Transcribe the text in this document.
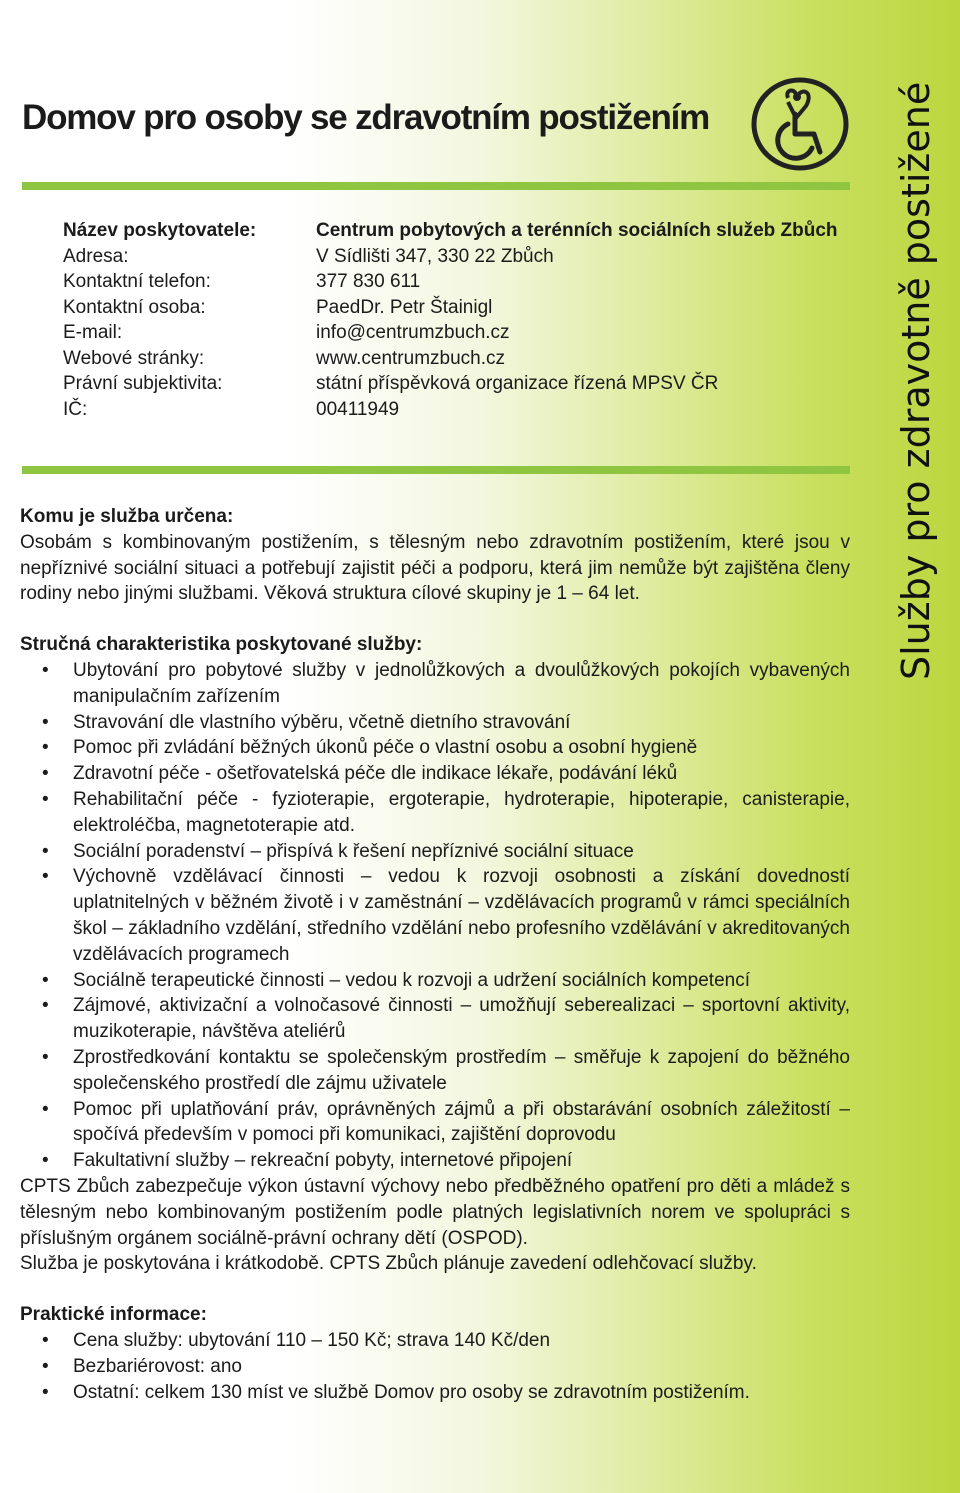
Služby pro zdravotně postižené
Domov pro osoby se zdravotním postižením
Název poskytovatele:	Centrum pobytových a terénních sociálních služeb Zbůch
Adresa:	V Sídlišti 347, 330 22 Zbůch
Kontaktní telefon:	377 830 611
Kontaktní osoba:	PaedDr. Petr Štainigl
E-mail:	info@centrumzbuch.cz
Webové stránky:	www.centrumzbuch.cz
Právní subjektivita:	státní příspěvková organizace řízená MPSV ČR
IČ:	00411949

Komu je služba určena:

Osobám s kombinovaným postižením, s tělesným nebo zdravotním postižením, které jsou v nepříznivé sociální situaci a potřebují zajistit péči a podporu, která jim nemůže být zajištěna členy rodiny nebo jinými službami. Věková struktura cílové skupiny je 1 – 64 let.

Stručná charakteristika poskytované služby:

• Ubytování pro pobytové služby v jednolůžkových a dvoulůžkových pokojích vybavených manipulačním zařízením
• Stravování dle vlastního výběru, včetně dietního stravování
• Pomoc při zvládání běžných úkonů péče o vlastní osobu a osobní hygieně
• Zdravotní péče - ošetřovatelská péče dle indikace lékaře, podávání léků
• Rehabilitační péče - fyzioterapie, ergoterapie, hydroterapie, hipoterapie, canisterapie, elektroléčba, magnetoterapie atd.
• Sociální poradenství – přispívá k řešení nepříznivé sociální situace
• Výchovně vzdělávací činnosti – vedou k rozvoji osobnosti a získání dovedností uplatnitelných v běžném životě i v zaměstnání – vzdělávacích programů v rámci speciálních škol – základního vzdělání, středního vzdělání nebo profesního vzdělávání v akreditovaných vzdělávacích programech
• Sociálně terapeutické činnosti – vedou k rozvoji a udržení sociálních kompetencí
• Zájmové, aktivizační a volnočasové činnosti – umožňují seberealizaci – sportovní aktivity, muzikoterapie, návštěva ateliérů
• Zprostředkování kontaktu se společenským prostředím – směřuje k zapojení do běžného společenského prostředí dle zájmu uživatele
• Pomoc při uplatňování práv, oprávněných zájmů a při obstarávání osobních záležitostí – spočívá především v pomoci při komunikaci, zajištění doprovodu
• Fakultativní služby – rekreační pobyty, internetové připojení

CPTS Zbůch zabezpečuje výkon ústavní výchovy nebo předběžného opatření pro děti a mládež s tělesným nebo kombinovaným postižením podle platných legislativních norem ve spolupráci s příslušným orgánem sociálně-právní ochrany dětí (OSPOD).

Služba je poskytována i krátkodobě. CPTS Zbůch plánuje zavedení odlehčovací služby.

Praktické informace:

• Cena služby: ubytování 110 – 150 Kč; strava 140 Kč/den
• Bezbariérovost: ano
• Ostatní: celkem 130 míst ve službě Domov pro osoby se zdravotním postižením.
